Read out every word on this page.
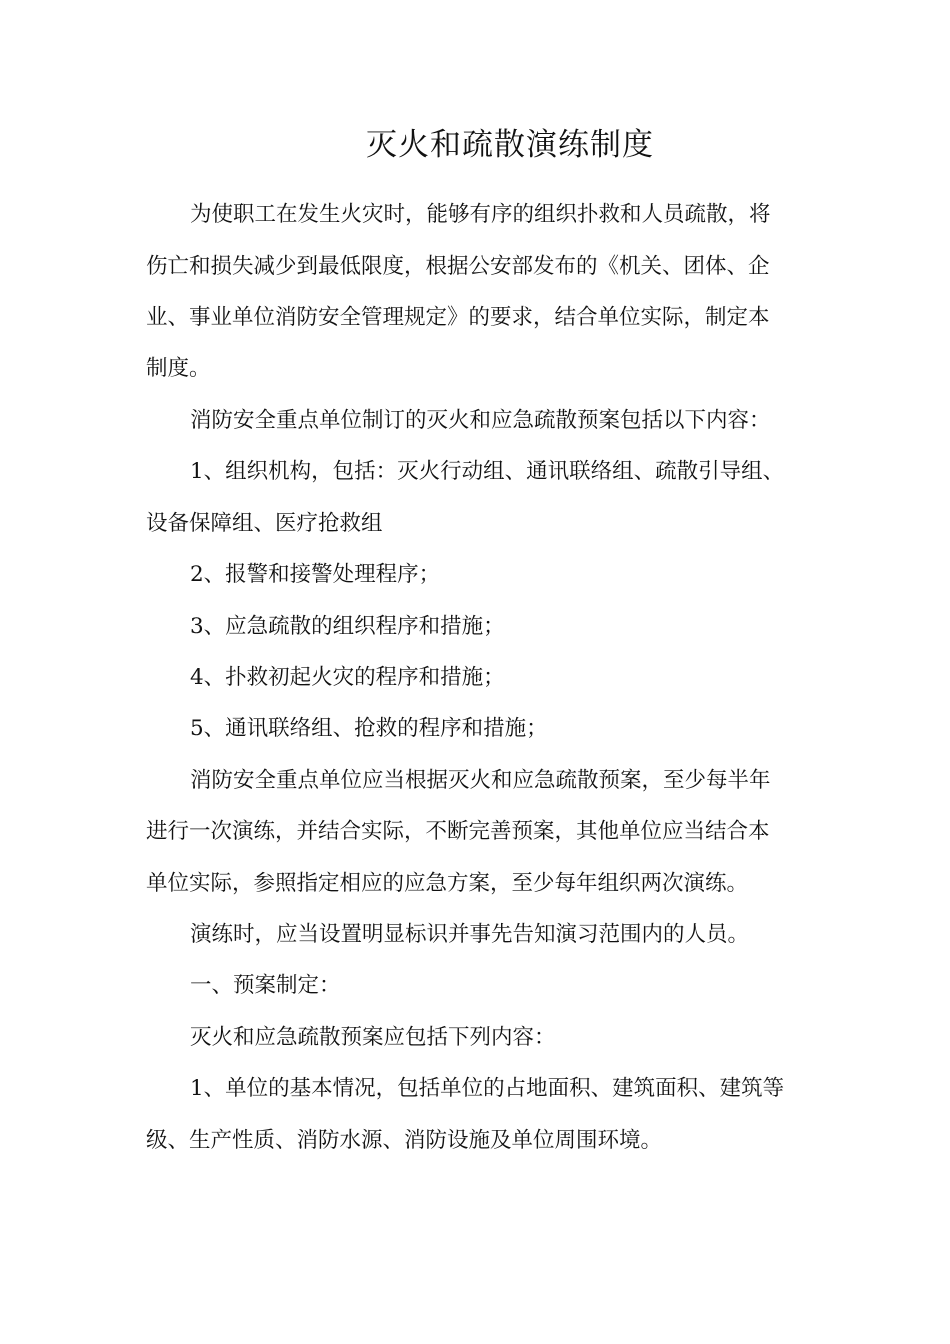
灭火和疏散演练制度
为使职工在发生火灾时，能够有序的组织扑救和人员疏散，将
伤亡和损失减少到最低限度，根据公安部发布的《机关、团体、企
业、事业单位消防安全管理规定》的要求，结合单位实际，制定本
制度。
消防安全重点单位制订的灭火和应急疏散预案包括以下内容：
1、组织机构，包括：灭火行动组、通讯联络组、疏散引导组、
设备保障组、医疗抢救组
2、报警和接警处理程序；
3、应急疏散的组织程序和措施；
4、扑救初起火灾的程序和措施；
5、通讯联络组、抢救的程序和措施；
消防安全重点单位应当根据灭火和应急疏散预案，至少每半年
进行一次演练，并结合实际，不断完善预案，其他单位应当结合本
单位实际，参照指定相应的应急方案，至少每年组织两次演练。
演练时，应当设置明显标识并事先告知演习范围内的人员。
一、预案制定：
灭火和应急疏散预案应包括下列内容：
1、单位的基本情况，包括单位的占地面积、建筑面积、建筑等
级、生产性质、消防水源、消防设施及单位周围环境。
